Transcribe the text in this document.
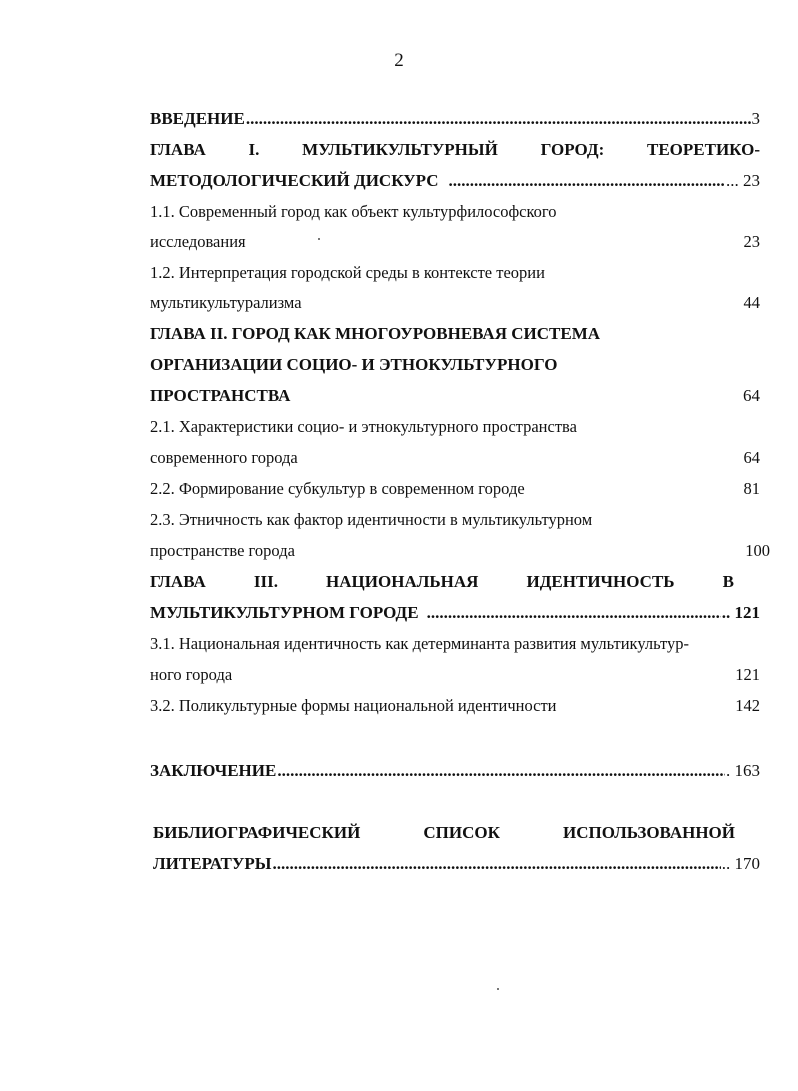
2
ВВЕДЕНИЕ .....	3
ГЛАВА	I.	МУЛЬТИКУЛЬТУРНЫЙ	ГОРОД:	ТЕОРЕТИКО-
МЕТОДОЛОГИЧЕСКИЙ ДИСКУРС .....	... 23
1.1. Современный город как объект культурфилософского
исследования	23
1.2. Интерпретация городской среды в контексте теории
мультикультурализма	44
ГЛАВА II. ГОРОД КАК МНОГОУРОВНЕВАЯ СИСТЕМА
ОРГАНИЗАЦИИ СОЦИО- И ЭТНОКУЛЬТУРНОГО
ПРОСТРАНСТВА	64
2.1. Характеристики социо- и этнокультурного пространства
современного города	64
2.2. Формирование субкультур в современном городе	81
2.3. Этничность как фактор идентичности в мультикультурном
пространстве города	100
ГЛАВА	III.	НАЦИОНАЛЬНАЯ	ИДЕНТИЧНОСТЬ	В
МУЛЬТИКУЛЬТУРНОМ ГОРОДЕ .....	.. 121
3.1. Национальная идентичность как детерминанта развития мультикультур-
ного города	121
3.2. Поликультурные формы национальной идентичности	142
ЗАКЛЮЧЕНИЕ .....	. 163
БИБЛИОГРАФИЧЕСКИЙ	СПИСОК	ИСПОЛЬЗОВАННОЙ
ЛИТЕРАТУРЫ .....	.. 170
